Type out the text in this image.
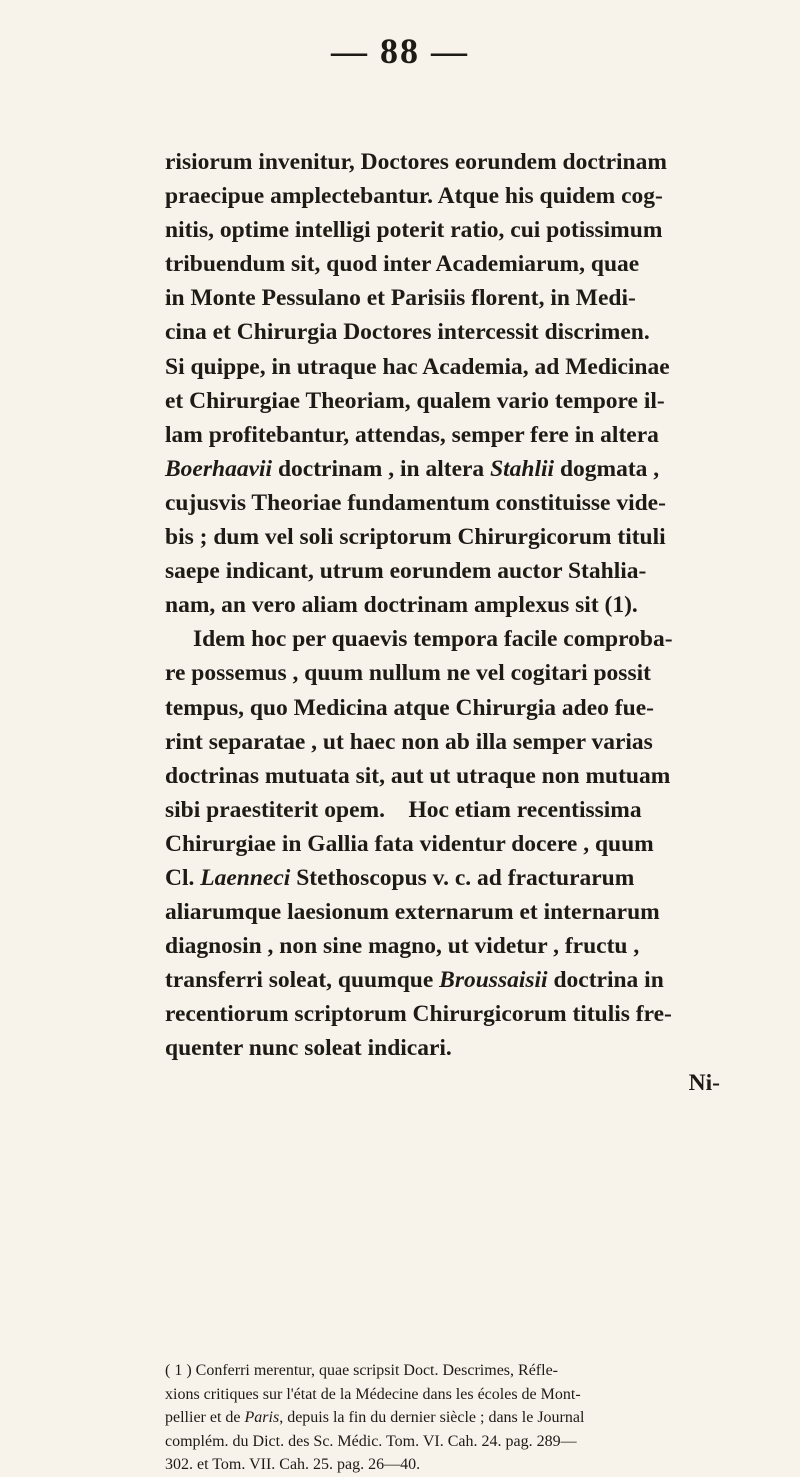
— 88 —
risiorum invenitur, Doctores eorundem doctrinam
praecipue amplectebantur. Atque his quidem cog-
nitis, optime intelligi poterit ratio, cui potissimum
tribuendum sit, quod inter Academiarum, quae
in Monte Pessulano et Parisiis florent, in Medi-
cina et Chirurgia Doctores intercessit discrimen.
Si quippe, in utraque hac Academia, ad Medicinae
et Chirurgiae Theoriam, qualem vario tempore il-
lam profitebantur, attendas, semper fere in altera
Boerhaavii doctrinam , in altera Stahlii dogmata ,
cujusvis Theoriae fundamentum constituisse vide-
bis ; dum vel soli scriptorum Chirurgicorum tituli
saepe indicant, utrum eorundem auctor Stahlia-
nam, an vero aliam doctrinam amplexus sit (1).
Idem hoc per quaevis tempora facile comproba-
re possemus , quum nullum ne vel cogitari possit
tempus, quo Medicina atque Chirurgia adeo fue-
rint separatae , ut haec non ab illa semper varias
doctrinas mutuata sit, aut ut utraque non mutuam
sibi praestiterit opem.    Hoc etiam recentissima
Chirurgiae in Gallia fata videntur docere , quum
Cl. Laenneci Stethoscopus v. c. ad fracturarum
aliarumque laesionum externarum et internarum
diagnosin , non sine magno, ut videtur , fructu ,
transferri soleat, quumque Broussaisii doctrina in
recentiorum scriptorum Chirurgicorum titulis fre-
quenter nunc soleat indicari.
Ni-
( 1 ) Conferri merentur, quae scripsit Doct. Descrimes, Réfle-
xions critiques sur l'état de la Médecine dans les écoles de Mont-
pellier et de Paris , depuis la fin du dernier siècle ; dans le Journal
complém. du Dict. des Sc. Médic. Tom. VI. Cah. 24. pag. 289—
302. et Tom. VII. Cah. 25. pag. 26—40.
